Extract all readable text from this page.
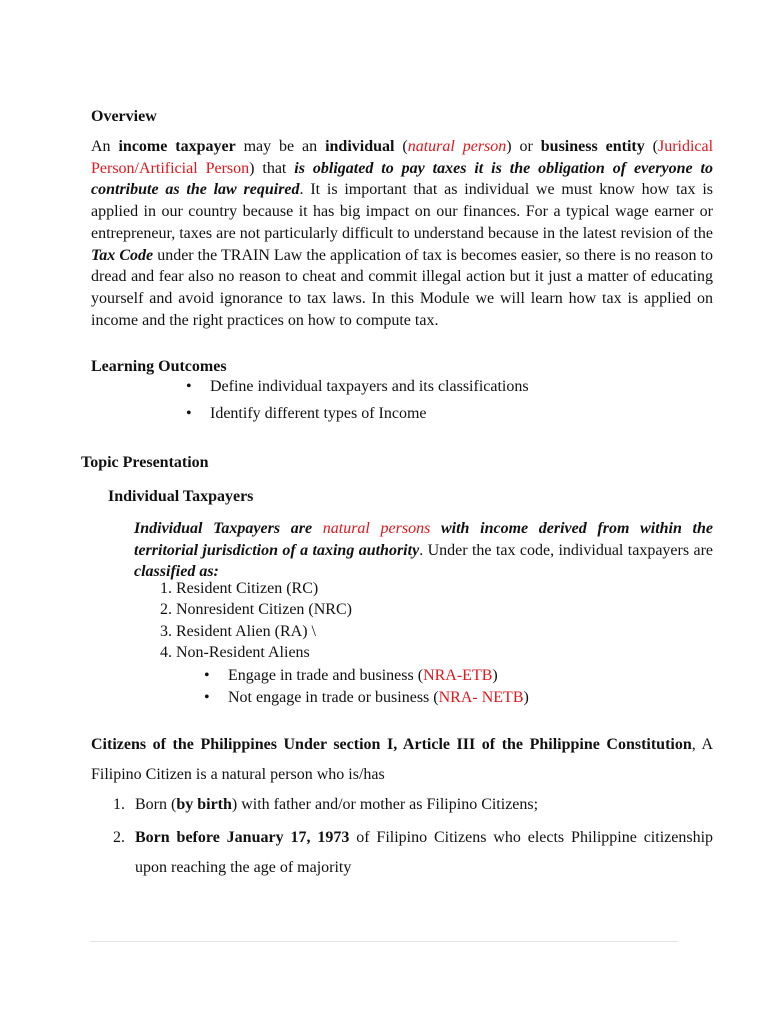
Overview

An income taxpayer may be an individual (natural person) or business entity (Juridical Person/Artificial Person) that is obligated to pay taxes it is the obligation of everyone to contribute as the law required. It is important that as individual we must know how tax is applied in our country because it has big impact on our finances. For a typical wage earner or entrepreneur, taxes are not particularly difficult to understand because in the latest revision of the Tax Code under the TRAIN Law the application of tax is becomes easier, so there is no reason to dread and fear also no reason to cheat and commit illegal action but it just a matter of educating yourself and avoid ignorance to tax laws. In this Module we will learn how tax is applied on income and the right practices on how to compute tax.

Learning Outcomes
• Define individual taxpayers and its classifications
• Identify different types of Income
Topic Presentation
Individual Taxpayers

Individual Taxpayers are natural persons with income derived from within the territorial jurisdiction of a taxing authority. Under the tax code, individual taxpayers are classified as:

1. Resident Citizen (RC)
2. Nonresident Citizen (NRC)
3. Resident Alien (RA) \
4. Non-Resident Aliens
• Engage in trade and business (NRA-ETB)
• Not engage in trade or business (NRA- NETB)

Citizens of the Philippines Under section I, Article III of the Philippine Constitution, A Filipino Citizen is a natural person who is/has

1. Born (by birth) with father and/or mother as Filipino Citizens;
2. Born before January 17, 1973 of Filipino Citizens who elects Philippine citizenship upon reaching the age of majority
